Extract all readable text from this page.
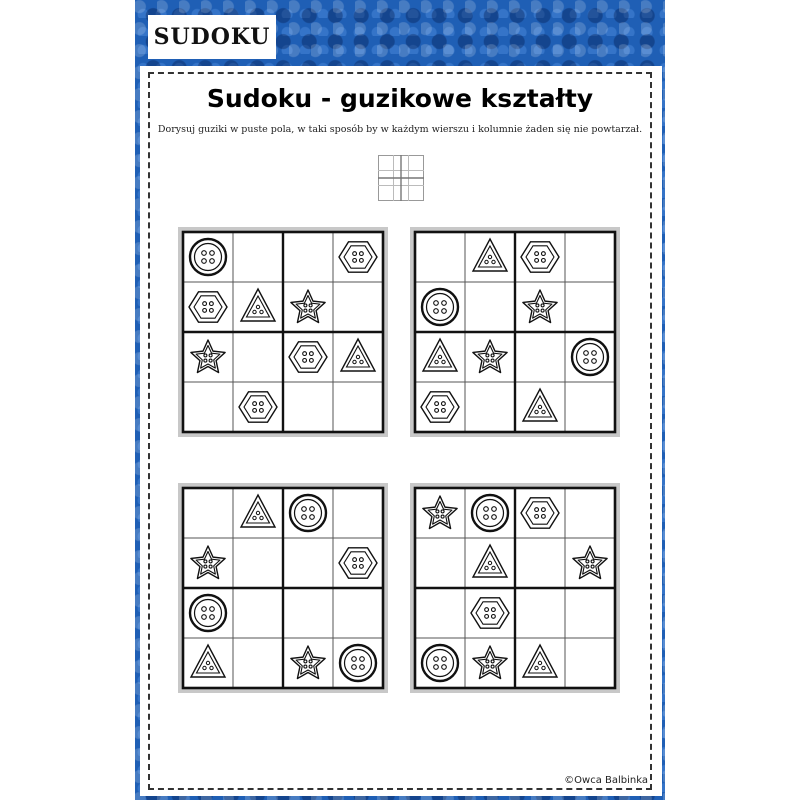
SUDOKU
Sudoku - guzikowe kształty

Dorysuj guziki w puste pola, w taki sposób by w każdym wierszu i kolumnie żaden się nie powtarzał.

©Owca Balbinka
